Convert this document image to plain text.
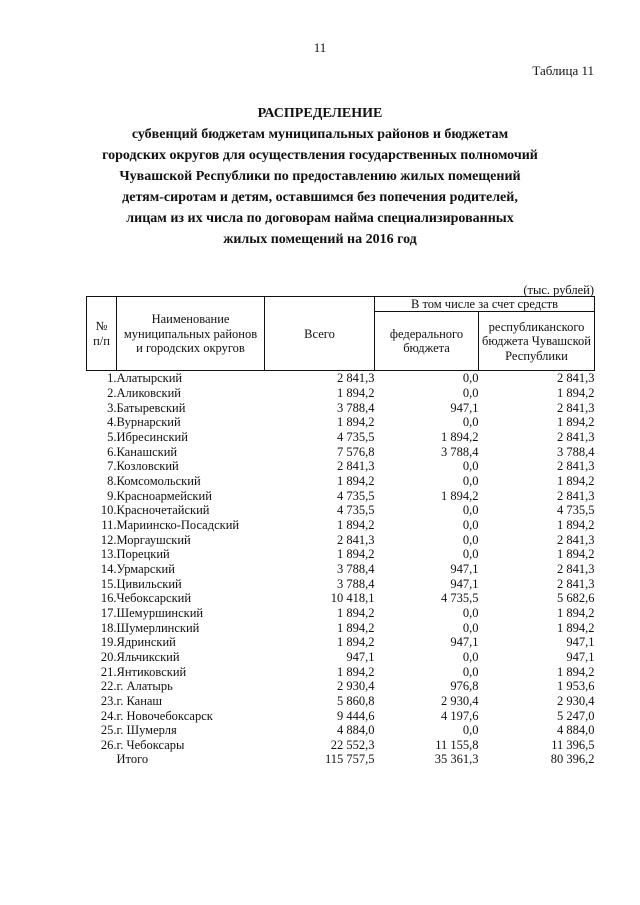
11
Таблица 11
РАСПРЕДЕЛЕНИЕ
субвенций бюджетам муниципальных районов и бюджетам
городских округов для осуществления государственных полномочий
Чувашской Республики по предоставлению жилых помещений
детям-сиротам и детям, оставшимся без попечения родителей,
лицам из их числа по договорам найма специализированных
жилых помещений на 2016 год
(тыс. рублей)
№ п/п	Наименование муниципальных районов и городских округов	Всего	В том числе за счет средств	
			федерального бюджета	республиканского бюджета Чувашской Республики
1.	Алатырский	2 841,3	0,0	2 841,3
2.	Аликовский	1 894,2	0,0	1 894,2
3.	Батыревский	3 788,4	947,1	2 841,3
4.	Вурнарский	1 894,2	0,0	1 894,2
5.	Ибресинский	4 735,5	1 894,2	2 841,3
6.	Канашский	7 576,8	3 788,4	3 788,4
7.	Козловский	2 841,3	0,0	2 841,3
8.	Комсомольский	1 894,2	0,0	1 894,2
9.	Красноармейский	4 735,5	1 894,2	2 841,3
10.	Красночетайский	4 735,5	0,0	4 735,5
11.	Мариинско-Посадский	1 894,2	0,0	1 894,2
12.	Моргаушский	2 841,3	0,0	2 841,3
13.	Порецкий	1 894,2	0,0	1 894,2
14.	Урмарский	3 788,4	947,1	2 841,3
15.	Цивильский	3 788,4	947,1	2 841,3
16.	Чебоксарский	10 418,1	4 735,5	5 682,6
17.	Шемуршинский	1 894,2	0,0	1 894,2
18.	Шумерлинский	1 894,2	0,0	1 894,2
19.	Ядринский	1 894,2	947,1	947,1
20.	Яльчикский	947,1	0,0	947,1
21.	Янтиковский	1 894,2	0,0	1 894,2
22.	г. Алатырь	2 930,4	976,8	1 953,6
23.	г. Канаш	5 860,8	2 930,4	2 930,4
24.	г. Новочебоксарск	9 444,6	4 197,6	5 247,0
25.	г. Шумерля	4 884,0	0,0	4 884,0
26.	г. Чебоксары	22 552,3	11 155,8	11 396,5
	Итого	115 757,5	35 361,3	80 396,2
